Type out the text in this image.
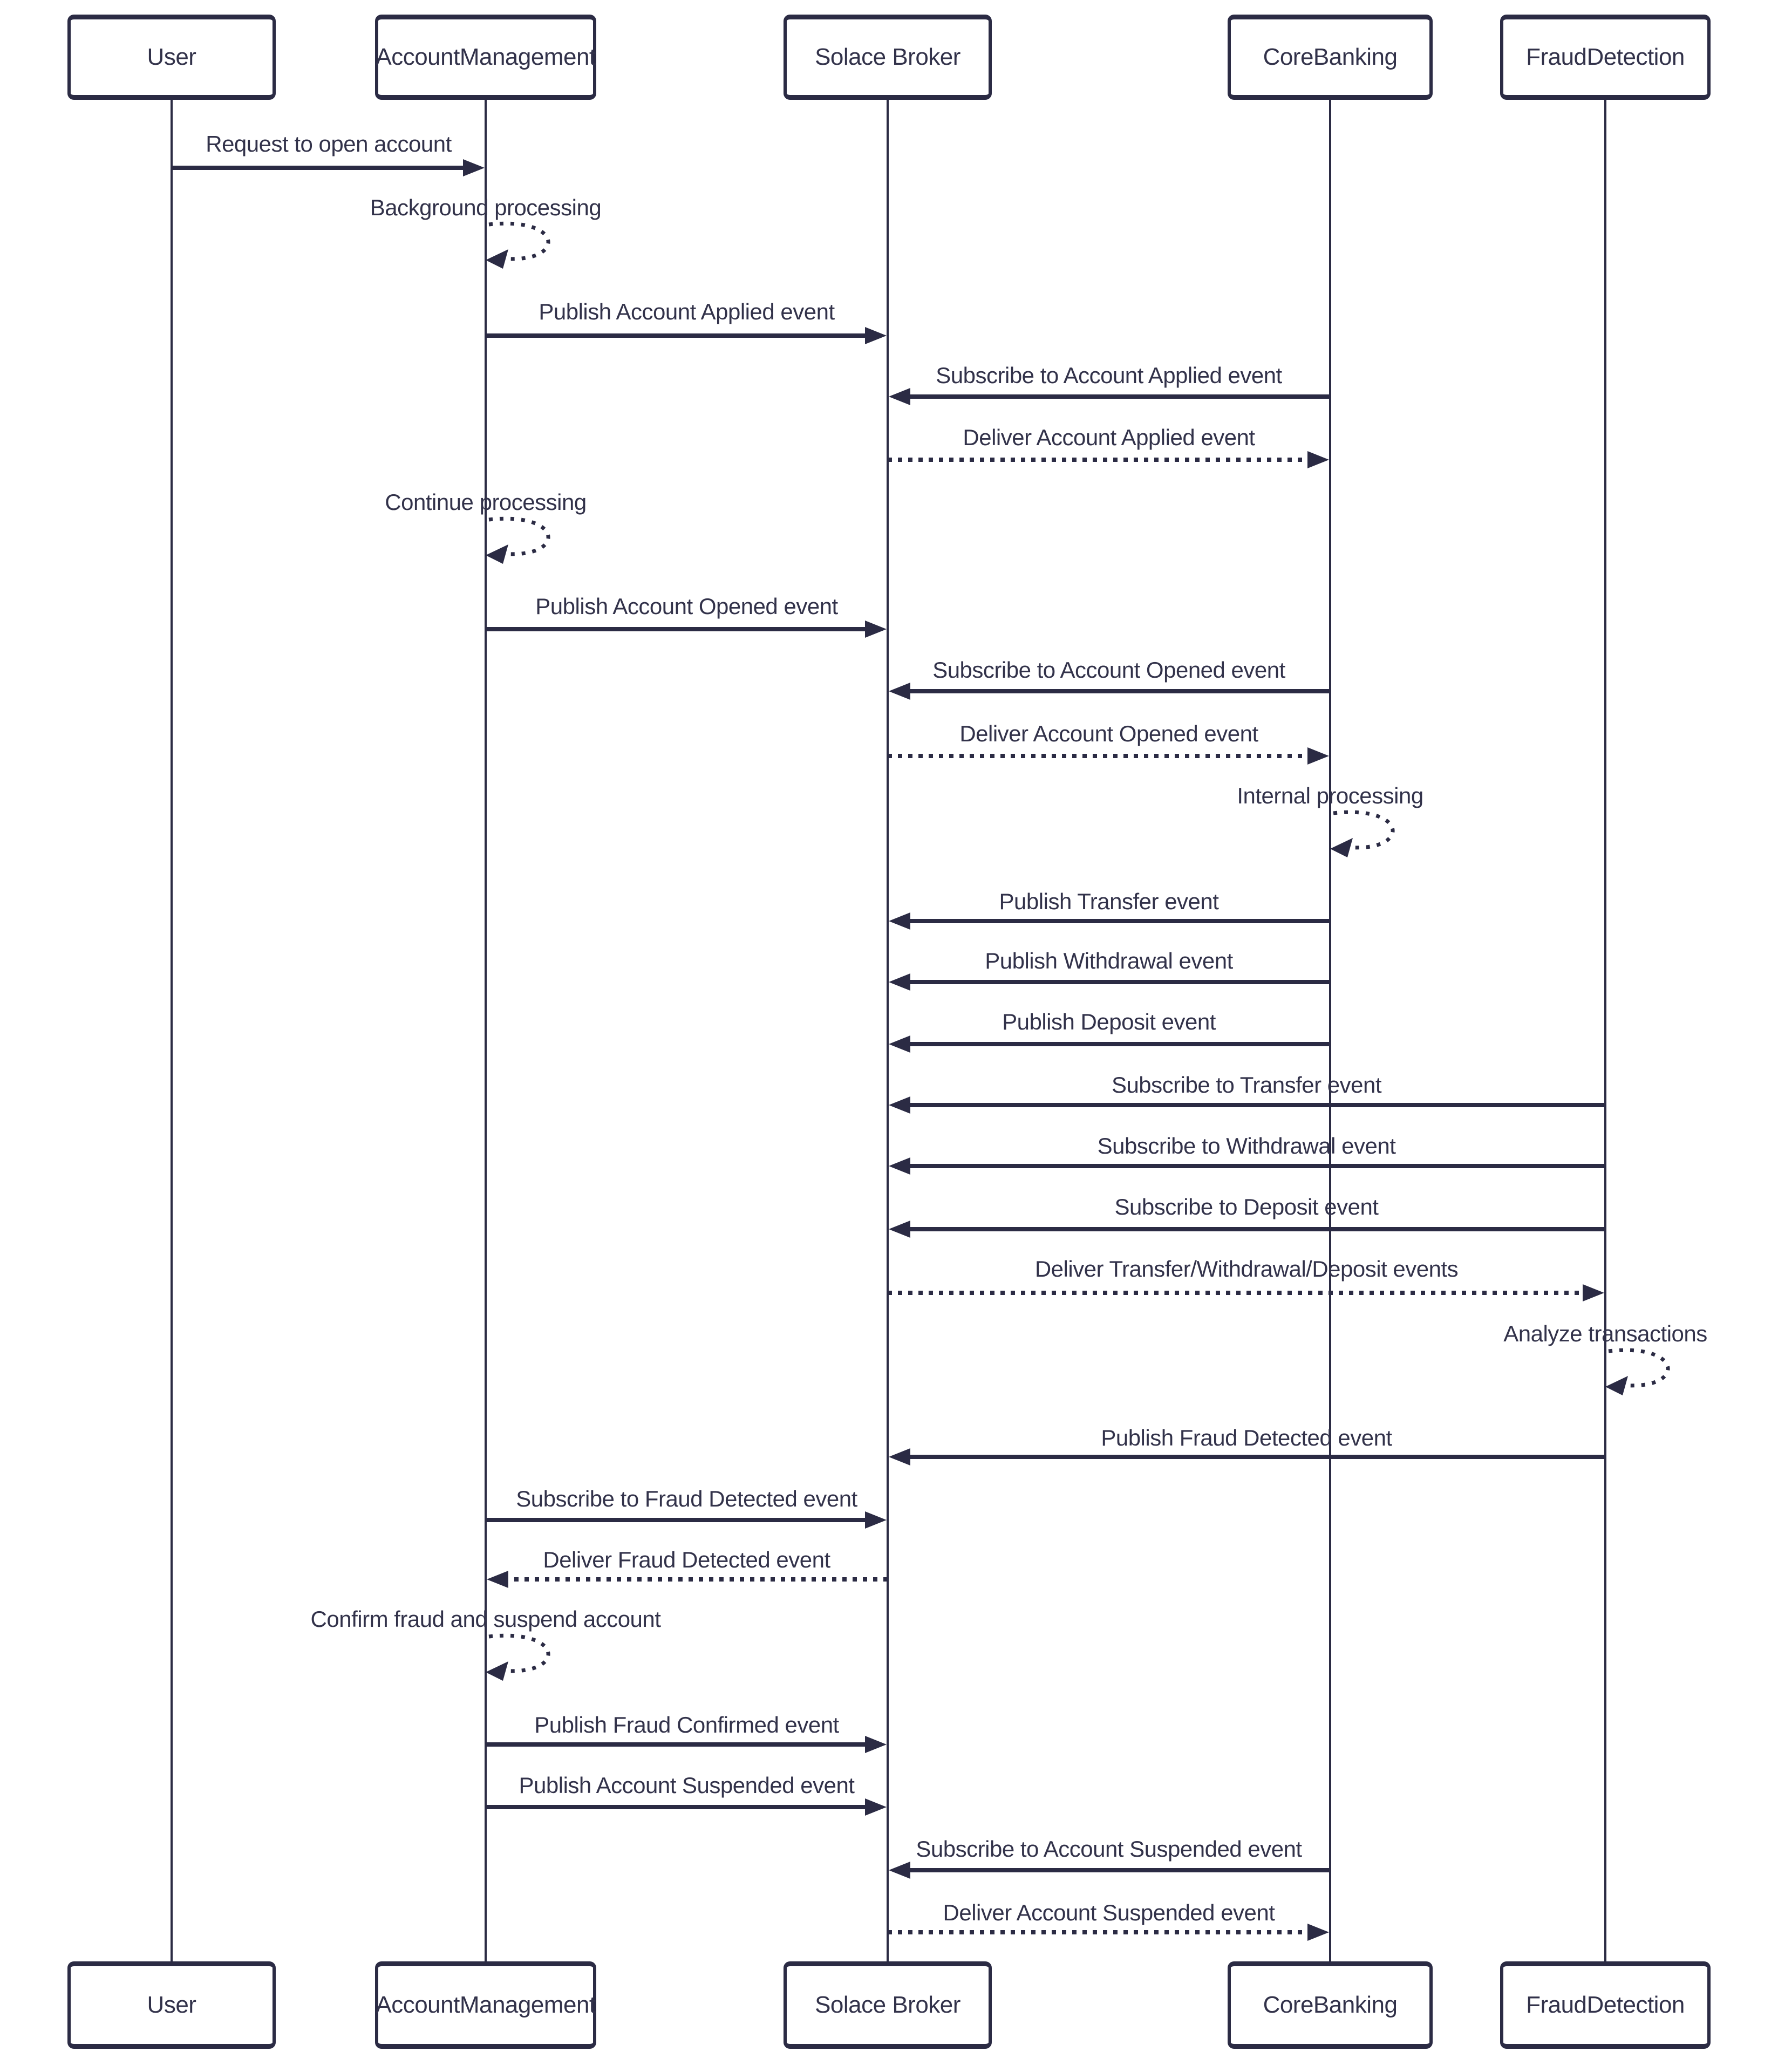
User
User
AccountManagement
AccountManagement
Solace Broker
Solace Broker
CoreBanking
CoreBanking
FraudDetection
FraudDetection
Request to open account
Background processing
Publish Account Applied event
Subscribe to Account Applied event
Deliver Account Applied event
Continue processing
Publish Account Opened event
Subscribe to Account Opened event
Deliver Account Opened event
Internal processing
Publish Transfer event
Publish Withdrawal event
Publish Deposit event
Subscribe to Transfer event
Subscribe to Withdrawal event
Subscribe to Deposit event
Deliver Transfer/Withdrawal/Deposit events
Analyze transactions
Publish Fraud Detected event
Subscribe to Fraud Detected event
Deliver Fraud Detected event
Confirm fraud and suspend account
Publish Fraud Confirmed event
Publish Account Suspended event
Subscribe to Account Suspended event
Deliver Account Suspended event
